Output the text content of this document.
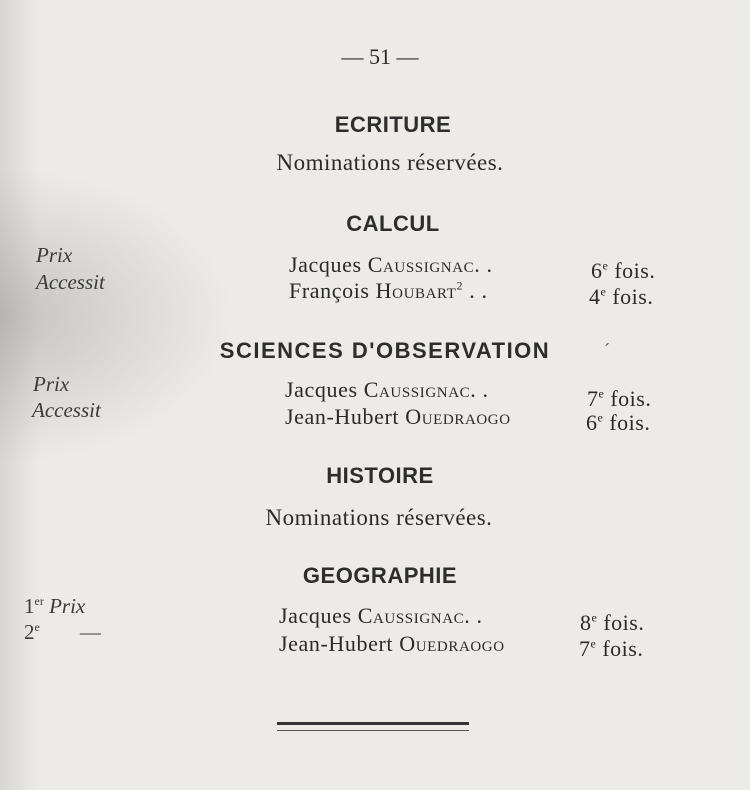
— 51 —
ECRITURE
Nominations réservées.
CALCUL
Prix	Jacques Caussignac. .	6e fois.
Accessit	François Houbart$^2$ . .	4e fois.
SCIENCES D'OBSERVATION	ˊ
Prix	Jacques Caussignac. .	7e fois.
Accessit	Jean-Hubert Ouedraogo	6e fois.
HISTOIRE
Nominations réservées.
GEOGRAPHIE
1er Prix	Jacques Caussignac. .	8e fois.
2e —	Jean-Hubert Ouedraogo	7e fois.
